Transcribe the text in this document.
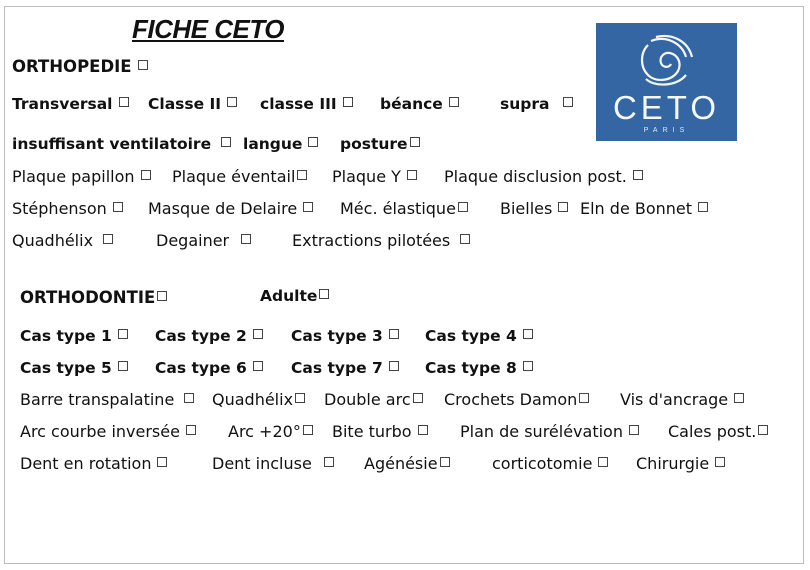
FICHE CETO
CETO
PARIS
ORTHOPEDIE
Transversal	Classe II	classe III	béance	supra
insuffisant ventilatoire	langue	posture
Plaque papillon	Plaque éventail	Plaque Y	Plaque disclusion post.
Stéphenson	Masque de Delaire	Méc. élastique	Bielles	Eln de Bonnet
Quadhélix	Degainer	Extractions pilotées
ORTHODONTIE	Adulte
Cas type 1	Cas type 2	Cas type 3	Cas type 4
Cas type 5	Cas type 6	Cas type 7	Cas type 8
Barre transpalatine	Quadhélix	Double arc	Crochets Damon	Vis d'ancrage
Arc courbe inversée	Arc +20°	Bite turbo	Plan de surélévation	Cales post.
Dent en rotation	Dent incluse	Agénésie	corticotomie	Chirurgie
